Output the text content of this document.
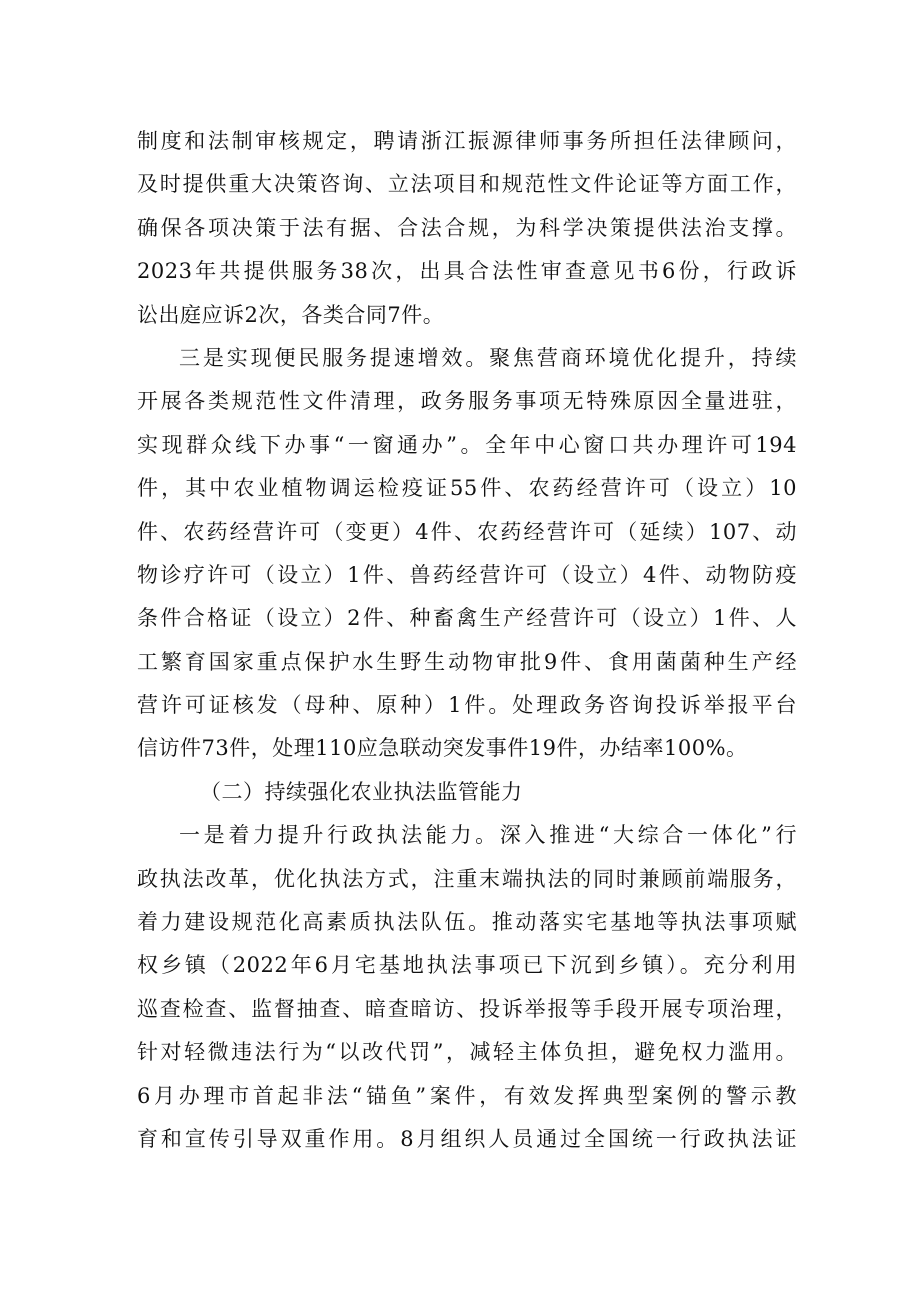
制度和法制审核规定，聘请浙江振源律师事务所担任法律顾问，
及时提供重大决策咨询、立法项目和规范性文件论证等方面工作，
确保各项决策于法有据、合法合规，为科学决策提供法治支撑。
2023年共提供服务38次，出具合法性审查意见书6份，行政诉
讼出庭应诉2次，各类合同7件。
三是实现便民服务提速增效。聚焦营商环境优化提升，持续
开展各类规范性文件清理，政务服务事项无特殊原因全量进驻，
实现群众线下办事“一窗通办”。全年中心窗口共办理许可194
件，其中农业植物调运检疫证55件、农药经营许可（设立）10
件、农药经营许可（变更）4件、农药经营许可（延续）107、动
物诊疗许可（设立）1件、兽药经营许可（设立）4件、动物防疫
条件合格证（设立）2件、种畜禽生产经营许可（设立）1件、人
工繁育国家重点保护水生野生动物审批9件、食用菌菌种生产经
营许可证核发（母种、原种）1件。处理政务咨询投诉举报平台
信访件73件，处理110应急联动突发事件19件，办结率100%。
（二）持续强化农业执法监管能力
一是着力提升行政执法能力。深入推进“大综合一体化”行
政执法改革，优化执法方式，注重末端执法的同时兼顾前端服务，
着力建设规范化高素质执法队伍。推动落实宅基地等执法事项赋
权乡镇（2022年6月宅基地执法事项已下沉到乡镇）。充分利用
巡查检查、监督抽查、暗查暗访、投诉举报等手段开展专项治理，
针对轻微违法行为“以改代罚”，减轻主体负担，避免权力滥用。
6月办理市首起非法“锚鱼”案件，有效发挥典型案例的警示教
育和宣传引导双重作用。8月组织人员通过全国统一行政执法证
